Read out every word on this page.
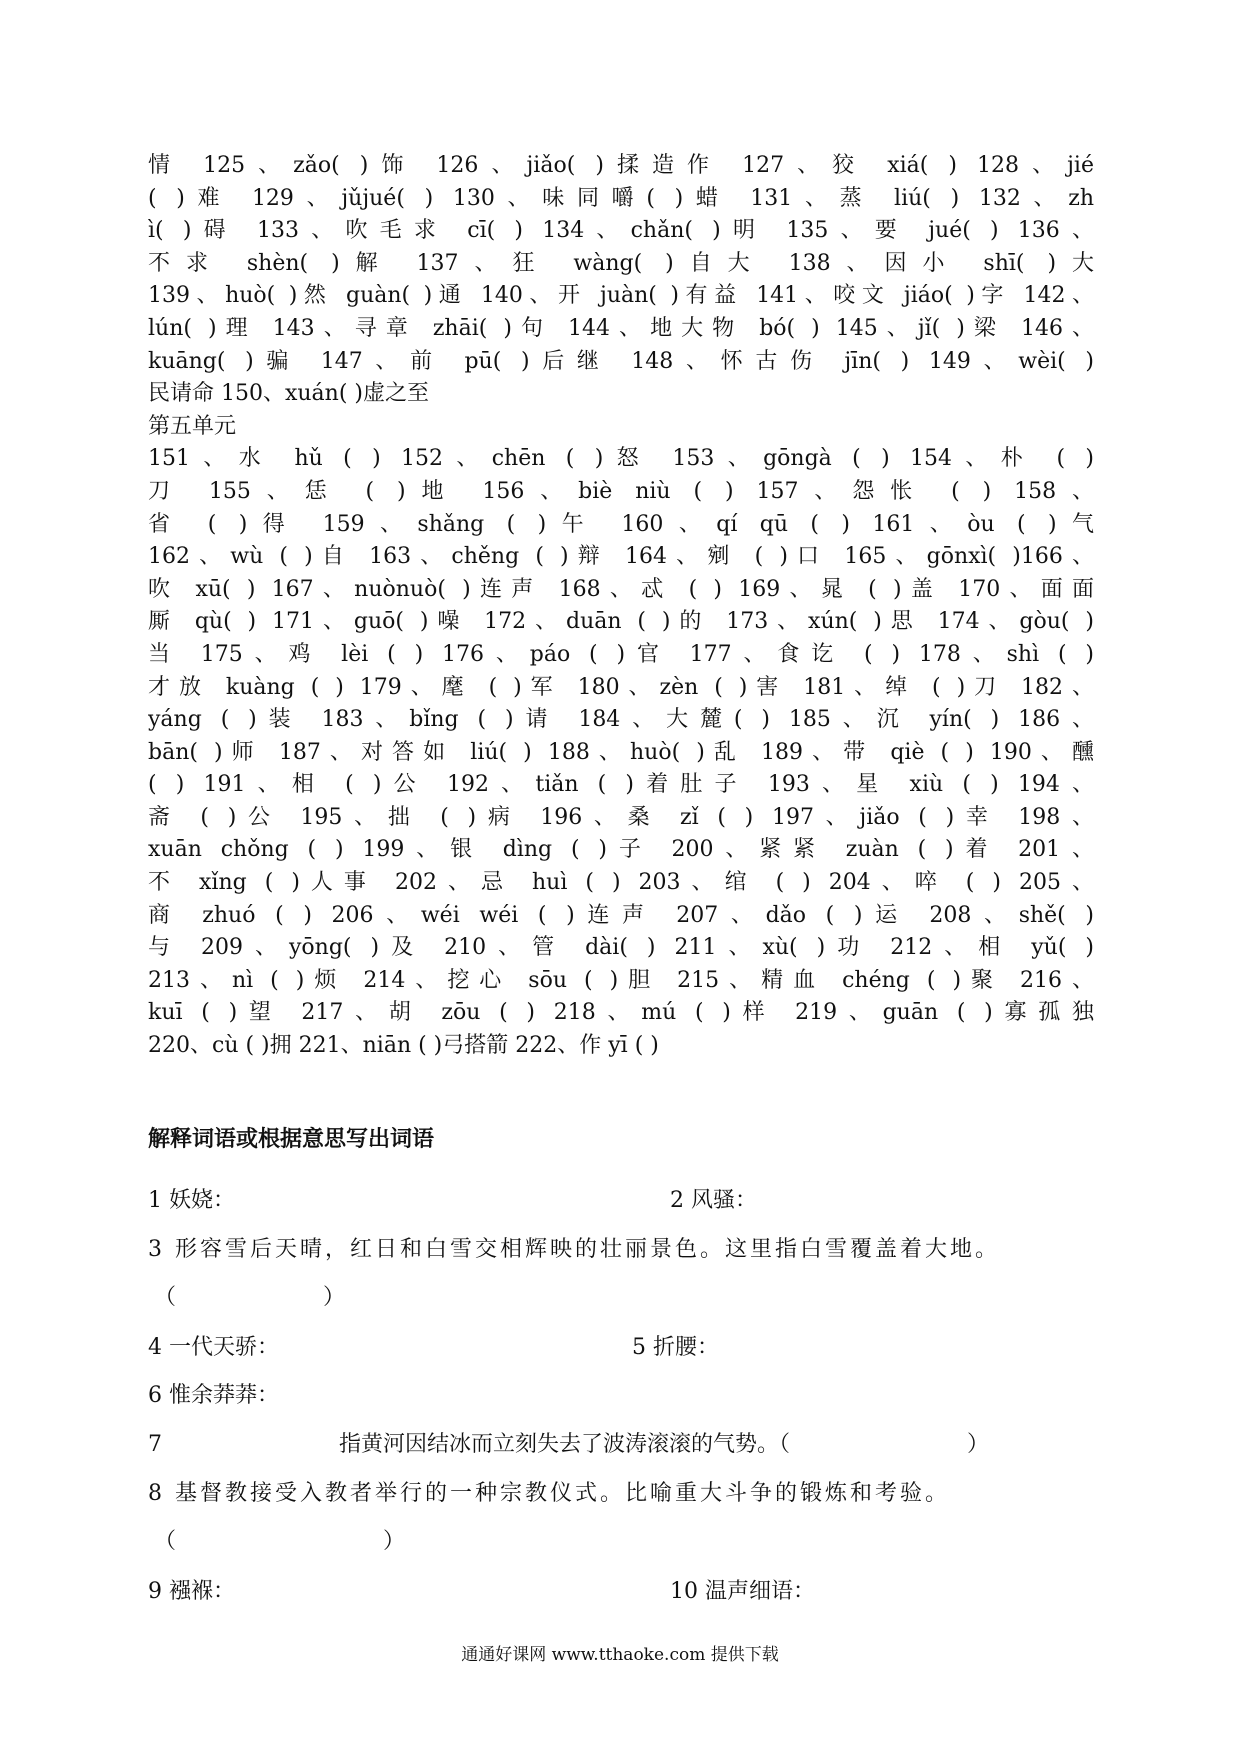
情 125、zǎo( )饰 126、jiǎo( )揉造作 127、狡 xiá( ) 128、jié
( )难 129、jǔjué( ) 130、味同嚼( )蜡 131、蒸 liú( ) 132、zh
ì( )碍 133、吹毛求 cī( ) 134、chǎn( )明 135、要 jué( ) 136、
不求 shèn( )解 137、狂 wàng( )自大 138、因小 shī( )大
139、huò( )然 guàn( )通 140、开 juàn( )有益 141、咬文 jiáo( )字 142、
lún( )理 143、寻章 zhāi( )句 144、地大物 bó( ) 145、jǐ( )梁 146、
kuāng( )骗 147、前 pū( )后继 148、怀古伤 jīn( ) 149、wèi( )
民请命 150、xuán( )虚之至
第五单元
151、水 hǔ ( ) 152、chēn ( )怒 153、gōngà ( ) 154、朴 ( )
刀 155、恁 ( )地 156、biè niù ( ) 157、怨怅 ( ) 158、
省 ( )得 159、shǎng ( )午 160、qí qū ( ) 161、òu ( )气
162、wù ( )自 163、chěng ( )辩 164、剜 ( )口 165、gōnxì( )166、
吹 xū( ) 167、nuònuò( )连声 168、忒 ( ) 169、晁 ( )盖 170、面面
厮 qù( ) 171、guō( )噪 172、duān ( )的 173、xún( )思 174、gòu( )
当 175、鸡 lèi ( ) 176、páo ( )官 177、食讫 ( ) 178、shì ( )
才放 kuàng ( ) 179、麾 ( )军 180、zèn ( )害 181、绰 ( )刀 182、
yáng ( )装 183、bǐng ( )请 184、大麓( ) 185、沉 yín( ) 186、
bān( )师 187、对答如 liú( ) 188、huò( )乱 189、带 qiè ( ) 190、醺
( ) 191、相 ( )公 192、tiǎn ( )着肚子 193、星 xiù ( ) 194、
斋 ( )公 195、拙 ( )病 196、桑 zǐ ( ) 197、jiǎo ( )幸 198、
xuān chǒng ( ) 199、银 dìng ( )子 200、紧紧 zuàn ( )着 201、
不 xǐng ( )人事 202、忌 huì ( ) 203、绾 ( ) 204、啐 ( ) 205、
商 zhuó ( ) 206、wéi wéi ( )连声 207、dǎo ( )运 208、shě( )
与 209、yōng( )及 210、管 dài( ) 211、xù( )功 212、相 yǔ( )
213、nì ( )烦 214、挖心 sōu ( )胆 215、精血 chéng ( )聚 216、
kuī ( )望 217、胡 zōu ( ) 218、mú ( )样 219、guān ( )寡孤独
220、cù ( )拥 221、niān ( )弓搭箭 222、作 yī ( )
解释词语或根据意思写出词语
1 妖娆：	2 风骚：
3 形容雪后天晴，红日和白雪交相辉映的壮丽景色。这里指白雪覆盖着大地。
（ ）
4 一代天骄：	5 折腰：
6 惟余莽莽：
7 指黄河因结冰而立刻失去了波涛滚滚的气势。（ ）
8 基督教接受入教者举行的一种宗教仪式。比喻重大斗争的锻炼和考验。
（ ）
9 襁褓：	10 温声细语：
通通好课网 www.tthaoke.com 提供下载
